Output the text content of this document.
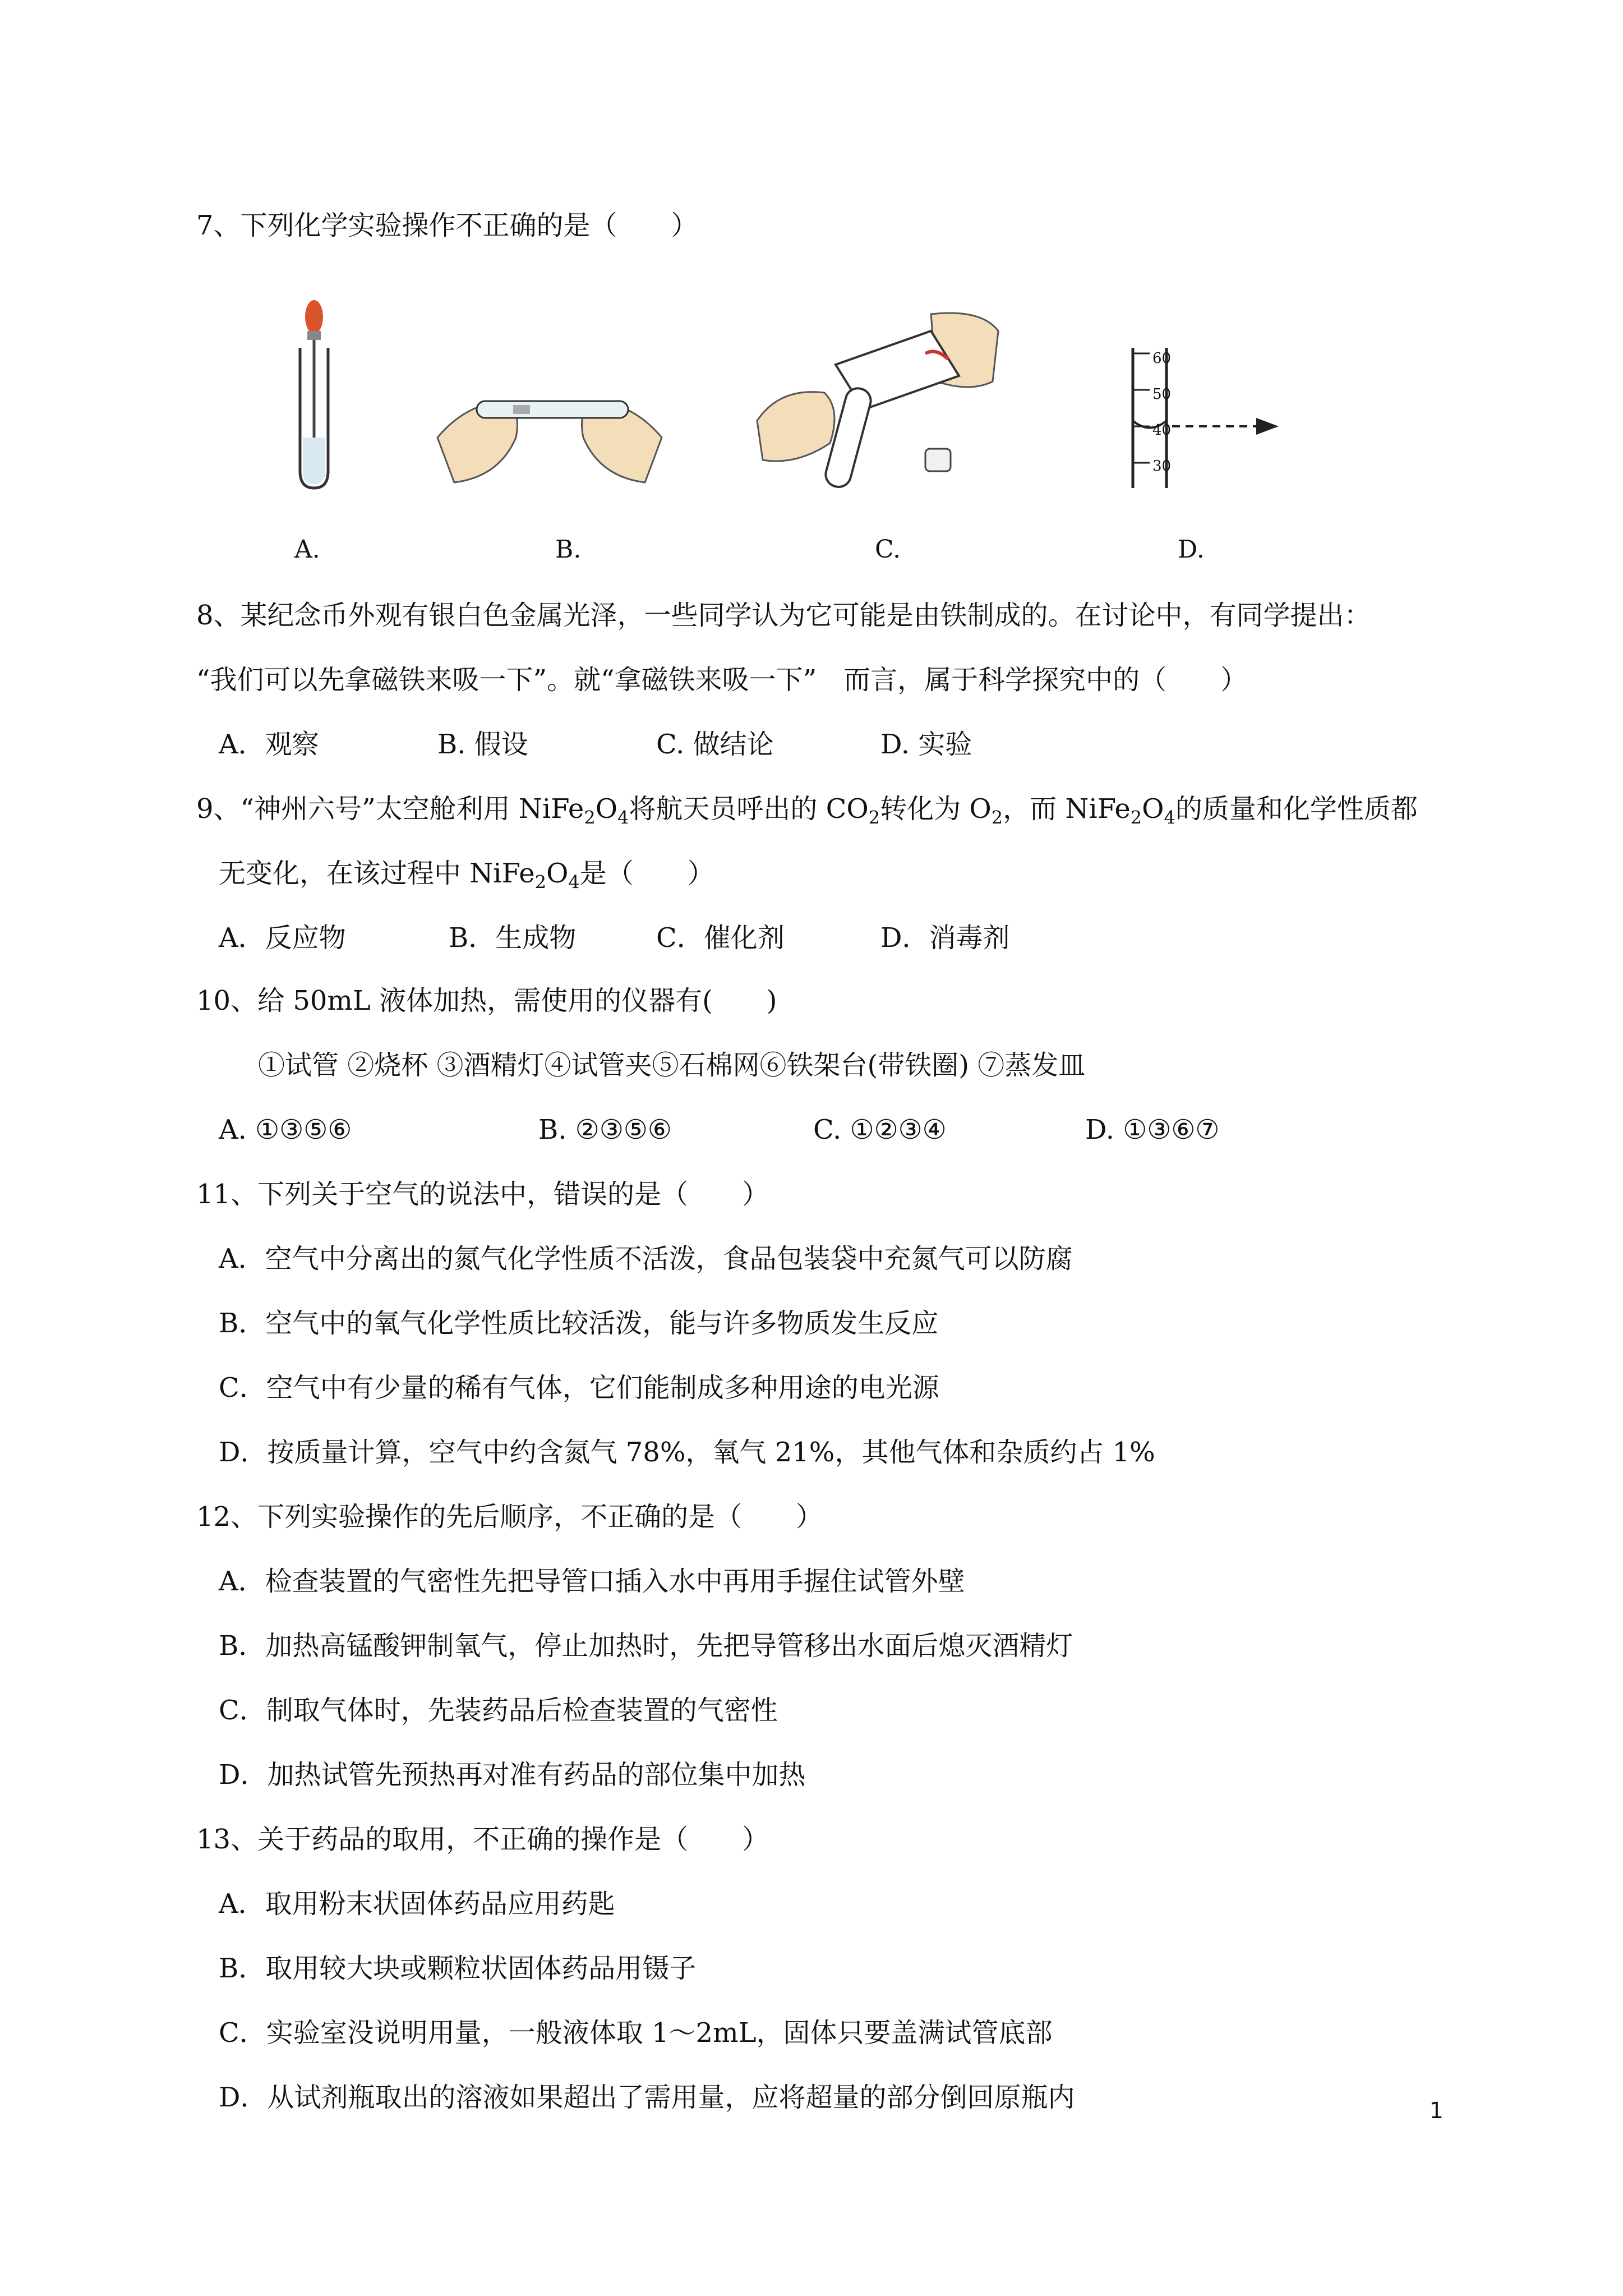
7、下列化学实验操作不正确的是（　　）
A.	B.	C.
60
50
40
30
D.
8、某纪念币外观有银白色金属光泽，一些同学认为它可能是由铁制成的。在讨论中，有同学提出：
“我们可以先拿磁铁来吸一下”。就“拿磁铁来吸一下”　而言，属于科学探究中的（　　）
A．观察	B. 假设	C. 做结论	D. 实验
9、“神州六号”太空舱利用 $NiFe_2O_4$将航天员呼出的 $CO_2$转化为 $O_2$，而 $NiFe_2O_4$的质量和化学性质都
无变化，在该过程中 $NiFe_2O_4$是（　　）
A．反应物	B．生成物	C．催化剂	D．消毒剂
10、给 50mL 液体加热，需使用的仪器有(　　)
①试管 ②烧杯 ③酒精灯④试管夹⑤石棉网⑥铁架台(带铁圈) ⑦蒸发皿
A. ①③⑤⑥	B. ②③⑤⑥	C. ①②③④	D. ①③⑥⑦
11、下列关于空气的说法中，错误的是（　　）
A．空气中分离出的氮气化学性质不活泼，食品包装袋中充氮气可以防腐
B．空气中的氧气化学性质比较活泼，能与许多物质发生反应
C．空气中有少量的稀有气体，它们能制成多种用途的电光源
D．按质量计算，空气中约含氮气 78%，氧气 21%，其他气体和杂质约占 1%
12、下列实验操作的先后顺序，不正确的是（　　）
A．检查装置的气密性先把导管口插入水中再用手握住试管外壁
B．加热高锰酸钾制氧气，停止加热时，先把导管移出水面后熄灭酒精灯
C．制取气体时，先装药品后检查装置的气密性
D．加热试管先预热再对准有药品的部位集中加热
13、关于药品的取用，不正确的操作是（　　）
A．取用粉末状固体药品应用药匙
B．取用较大块或颗粒状固体药品用镊子
C．实验室没说明用量，一般液体取 1～2mL，固体只要盖满试管底部
D．从试剂瓶取出的溶液如果超出了需用量，应将超量的部分倒回原瓶内	1
